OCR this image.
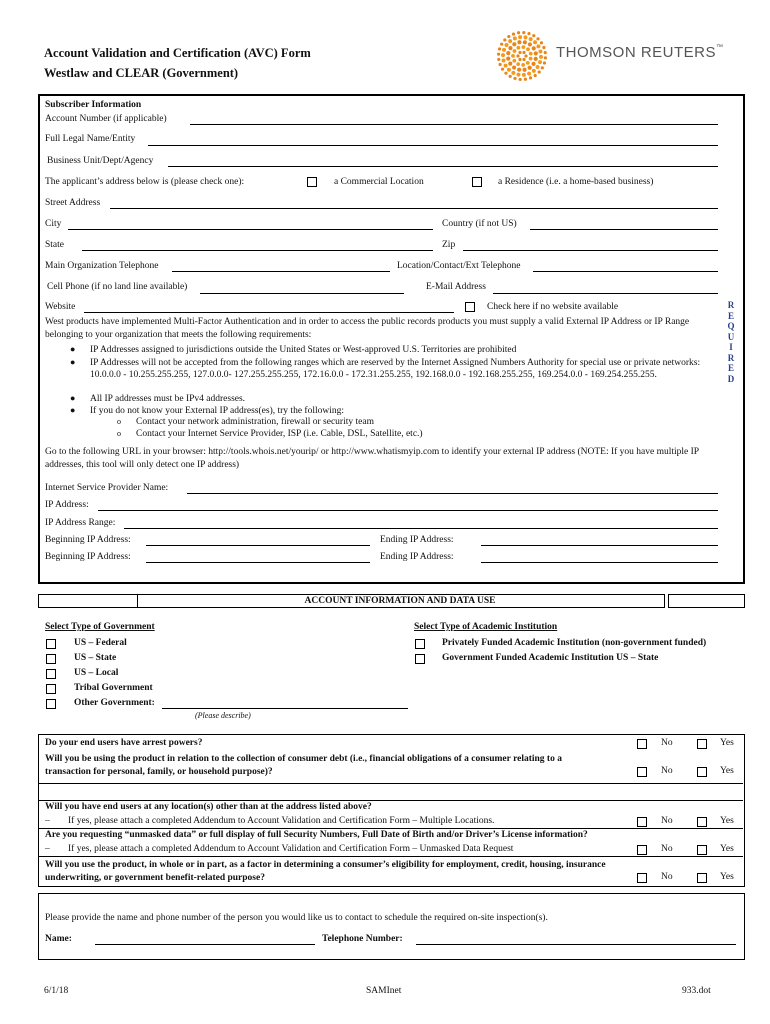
Account Validation and Certification (AVC) Form
Westlaw and CLEAR (Government)
THOMSON REUTERS™
R
E
Q
U
I
R
E
D
Subscriber Information
Account Number (if applicable)
Full Legal Name/Entity
Business Unit/Dept/Agency
The applicant’s address below is (please check one):	a Commercial Location	a Residence (i.e. a home-based business)
Street Address
City	Country (if not US)
State	Zip
Main Organization Telephone	Location/Contact/Ext Telephone
Cell Phone (if no land line available)	E-Mail Address
Website	Check here if no website available
West products have implemented Multi-Factor Authentication and in order to access the public records products you must supply a valid External IP Address or IP Range belonging to your organization that meets the following requirements:
● IP Addresses assigned to jurisdictions outside the United States or West-approved U.S. Territories are prohibited
● IP Addresses will not be accepted from the following ranges which are reserved by the Internet Assigned Numbers Authority for special use or private networks: 10.0.0.0 - 10.255.255.255, 127.0.0.0- 127.255.255.255, 172.16.0.0 - 172.31.255.255, 192.168.0.0 - 192.168.255.255, 169.254.0.0 - 169.254.255.255.
● All IP addresses must be IPv4 addresses.
● If you do not know your External IP address(es), try the following:
o Contact your network administration, firewall or security team
o Contact your Internet Service Provider, ISP (i.e. Cable, DSL, Satellite, etc.)
Go to the following URL in your browser: http://tools.whois.net/yourip/ or http://www.whatismyip.com to identify your external IP address (NOTE: If you have multiple IP addresses, this tool will only detect one IP address)
Internet Service Provider Name:
IP Address:
IP Address Range:
Beginning IP Address:	Ending IP Address:
Beginning IP Address:	Ending IP Address:
ACCOUNT INFORMATION AND DATA USE
Select Type of Government
US – Federal
US – State
US – Local
Tribal Government
Other Government:
(Please describe)
Select Type of Academic Institution
Privately Funded Academic Institution (non-government funded)
Government Funded Academic Institution US – State
Do your end users have arrest powers?	No	Yes
Will you be using the product in relation to the collection of consumer debt (i.e., financial obligations of a consumer relating to a transaction for personal, family, or household purpose)?	No	Yes
Will you have end users at any location(s) other than at the address listed above?
– If yes, please attach a completed Addendum to Account Validation and Certification Form – Multiple Locations.	No	Yes
Are you requesting “unmasked data” or full display of full Security Numbers, Full Date of Birth and/or Driver’s License information?
– If yes, please attach a completed Addendum to Account Validation and Certification Form – Unmasked Data Request	No	Yes
Will you use the product, in whole or in part, as a factor in determining a consumer’s eligibility for employment, credit, housing, insurance underwriting, or government benefit-related purpose?	No	Yes
Please provide the name and phone number of the person you would like us to contact to schedule the required on-site inspection(s).
Name:	Telephone Number:
6/1/18	SAMInet	933.dot
